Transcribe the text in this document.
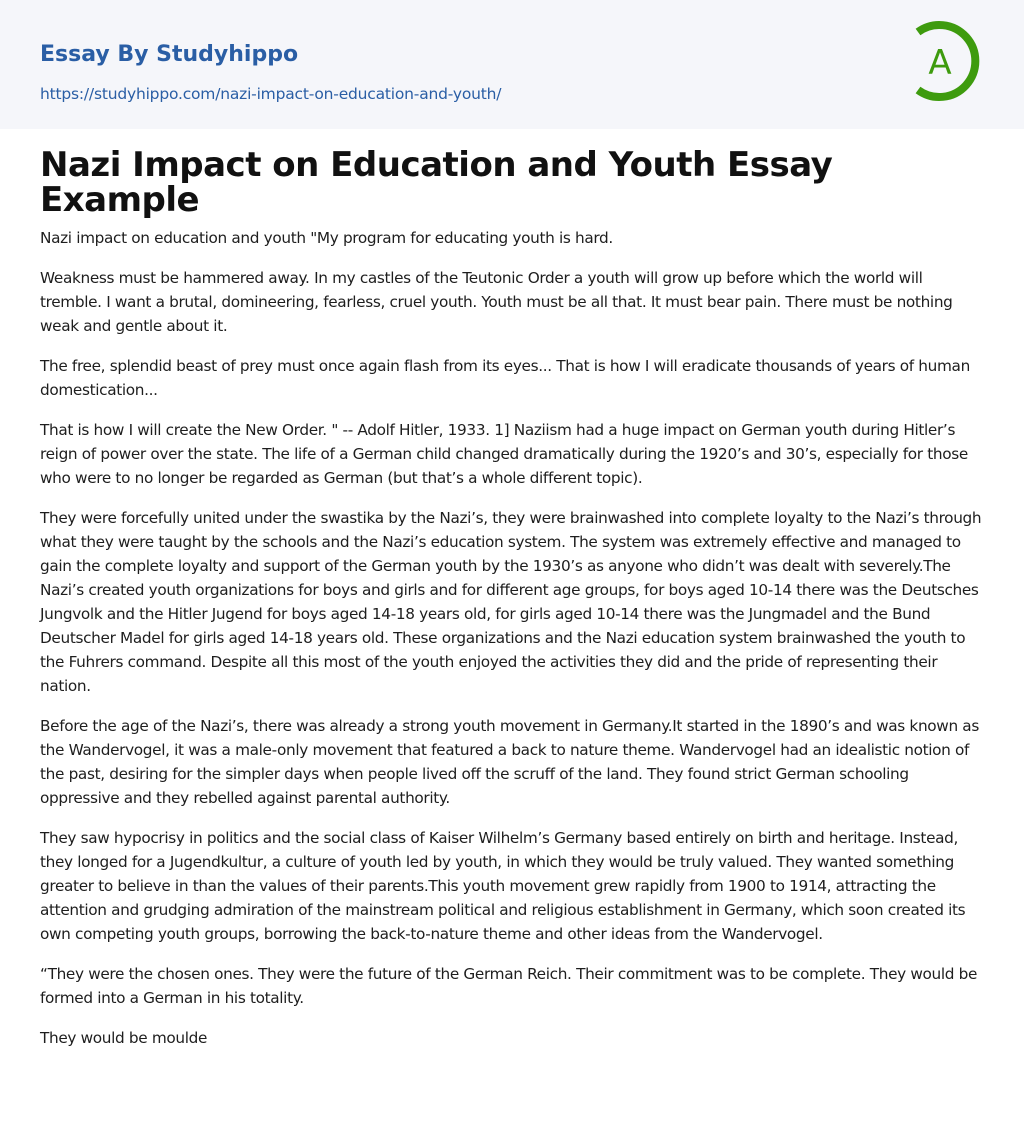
Essay By Studyhippo
https://studyhippo.com/nazi-impact-on-education-and-youth/
A
Nazi Impact on Education and Youth Essay Example

Nazi impact on education and youth "My program for educating youth is hard.

Weakness must be hammered away. In my castles of the Teutonic Order a youth will grow up before which the world will tremble. I want a brutal, domineering, fearless, cruel youth. Youth must be all that. It must bear pain. There must be nothing weak and gentle about it.

The free, splendid beast of prey must once again flash from its eyes... That is how I will eradicate thousands of years of human domestication...

That is how I will create the New Order. " -- Adolf Hitler, 1933. 1] Naziism had a huge impact on German youth during Hitler’s reign of power over the state. The life of a German child changed dramatically during the 1920’s and 30’s, especially for those who were to no longer be regarded as German (but that’s a whole different topic).

They were forcefully united under the swastika by the Nazi’s, they were brainwashed into complete loyalty to the Nazi’s through what they were taught by the schools and the Nazi’s education system. The system was extremely effective and managed to gain the complete loyalty and support of the German youth by the 1930’s as anyone who didn’t was dealt with severely.The Nazi’s created youth organizations for boys and girls and for different age groups, for boys aged 10-14 there was the Deutsches Jungvolk and the Hitler Jugend for boys aged 14-18 years old, for girls aged 10-14 there was the Jungmadel and the Bund Deutscher Madel for girls aged 14-18 years old. These organizations and the Nazi education system brainwashed the youth to the Fuhrers command. Despite all this most of the youth enjoyed the activities they did and the pride of representing their nation.

Before the age of the Nazi’s, there was already a strong youth movement in Germany.It started in the 1890’s and was known as the Wandervogel, it was a male-only movement that featured a back to nature theme. Wandervogel had an idealistic notion of the past, desiring for the simpler days when people lived off the scruff of the land. They found strict German schooling oppressive and they rebelled against parental authority.

They saw hypocrisy in politics and the social class of Kaiser Wilhelm’s Germany based entirely on birth and heritage. Instead, they longed for a Jugendkultur, a culture of youth led by youth, in which they would be truly valued. They wanted something greater to believe in than the values of their parents.This youth movement grew rapidly from 1900 to 1914, attracting the attention and grudging admiration of the mainstream political and religious establishment in Germany, which soon created its own competing youth groups, borrowing the back-to-nature theme and other ideas from the Wandervogel.

“They were the chosen ones. They were the future of the German Reich. Their commitment was to be complete. They would be formed into a German in his totality.

They would be moulde
